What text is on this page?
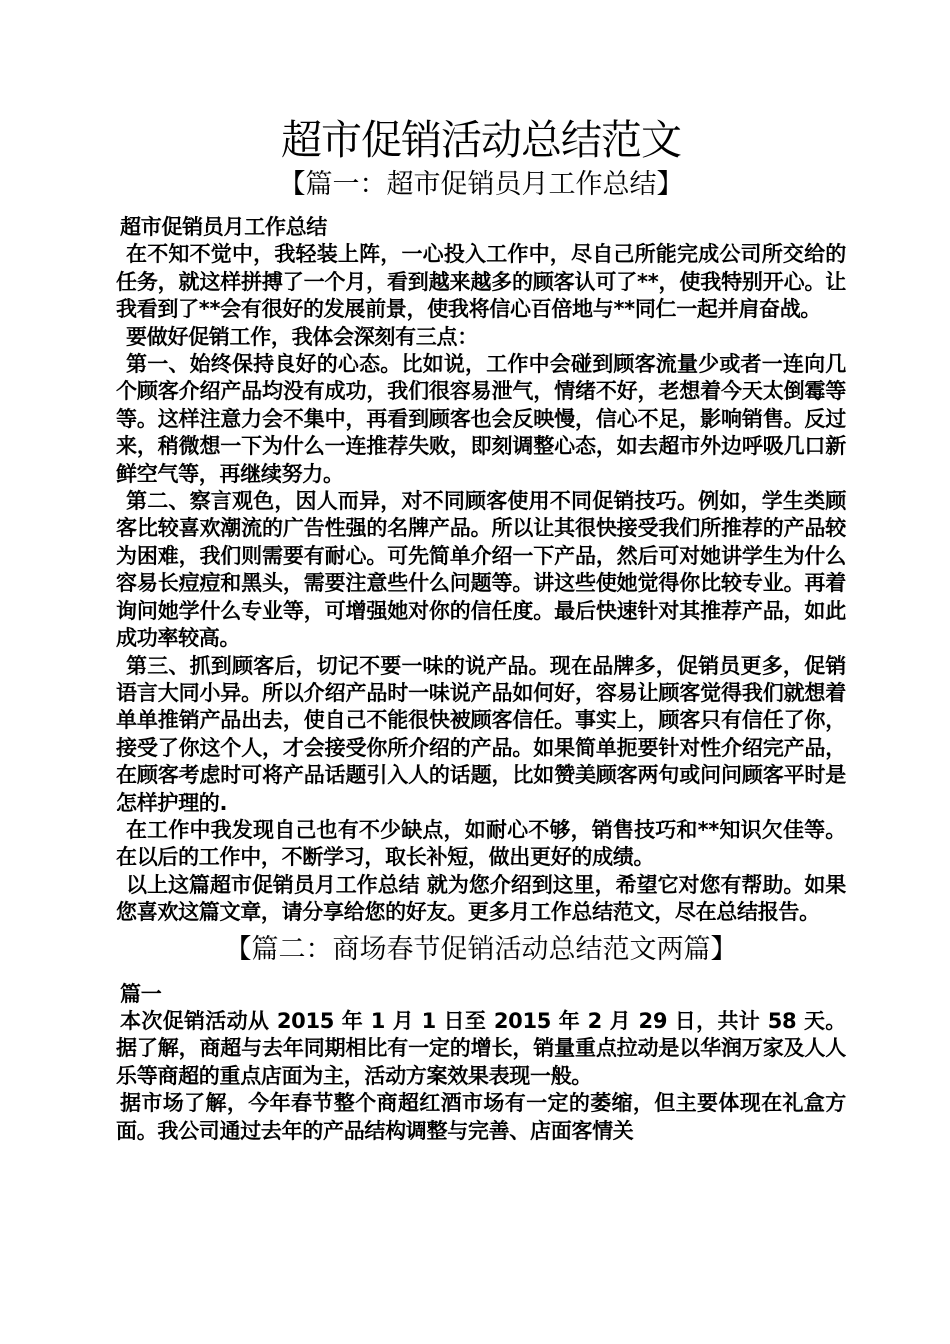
超市促销活动总结范文
【篇一：超市促销员月工作总结】

超市促销员月工作总结

在不知不觉中，我轻装上阵，一心投入工作中，尽自己所能完成公司所交给的任务，就这样拼搏了一个月，看到越来越多的顾客认可了**，使我特别开心。让我看到了**会有很好的发展前景，使我将信心百倍地与**同仁一起并肩奋战。

要做好促销工作，我体会深刻有三点：

第一、始终保持良好的心态。比如说，工作中会碰到顾客流量少或者一连向几个顾客介绍产品均没有成功，我们很容易泄气，情绪不好，老想着今天太倒霉等等。这样注意力会不集中，再看到顾客也会反映慢，信心不足，影响销售。反过来，稍微想一下为什么一连推荐失败，即刻调整心态，如去超市外边呼吸几口新鲜空气等，再继续努力。

第二、察言观色，因人而异，对不同顾客使用不同促销技巧。例如，学生类顾客比较喜欢潮流的广告性强的名牌产品。所以让其很快接受我们所推荐的产品较为困难，我们则需要有耐心。可先简单介绍一下产品，然后可对她讲学生为什么容易长痘痘和黑头，需要注意些什么问题等。讲这些使她觉得你比较专业。再着询问她学什么专业等，可增强她对你的信任度。最后快速针对其推荐产品，如此成功率较高。

第三、抓到顾客后，切记不要一味的说产品。现在品牌多，促销员更多，促销语言大同小异。所以介绍产品时一味说产品如何好，容易让顾客觉得我们就想着单单推销产品出去，使自己不能很快被顾客信任。事实上，顾客只有信任了你，接受了你这个人，才会接受你所介绍的产品。如果简单扼要针对性介绍完产品，在顾客考虑时可将产品话题引入人的话题，比如赞美顾客两句或问问顾客平时是怎样护理的.

在工作中我发现自己也有不少缺点，如耐心不够，销售技巧和**知识欠佳等。在以后的工作中，不断学习，取长补短，做出更好的成绩。

以上这篇超市促销员月工作总结 就为您介绍到这里，希望它对您有帮助。如果您喜欢这篇文章，请分享给您的好友。更多月工作总结范文，尽在总结报告。

【篇二：商场春节促销活动总结范文两篇】

篇一

本次促销活动从 2015 年 1 月 1 日至 2015 年 2 月 29 日，共计 58 天。据了解，商超与去年同期相比有一定的增长，销量重点拉动是以华润万家及人人乐等商超的重点店面为主，活动方案效果表现一般。

据市场了解，今年春节整个商超红酒市场有一定的萎缩，但主要体现在礼盒方面。我公司通过去年的产品结构调整与完善、店面客情关
